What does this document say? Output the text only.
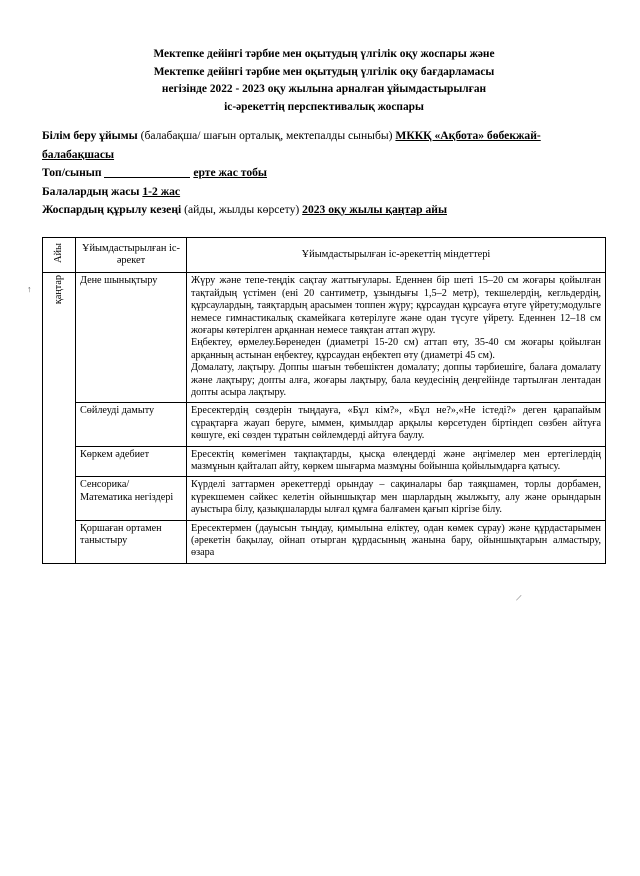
Мектепке дейінгі тәрбие мен оқытудың үлгілік оқу жоспары және
Мектепке дейінгі тәрбие мен оқытудың үлгілік оқу бағдарламасы
негізінде 2022 - 2023 оқу жылына арналған ұйымдастырылған
іс-әрекеттің перспективалық жоспары
Білім беру ұйымы (балабақша/ шағын орталық, мектепалды сыныбы) МККҚ «Ақбота» бөбекжай-балабақшасы
Топ/сынып	ерте жас тобы
Балалардың жасы 1-2 жас
Жоспардың құрылу кезеңі (айды, жылды көрсету) 2023 оқу жылы қаңтар айы
Айы	Ұйымдастырылған іс-әрекет	Ұйымдастырылған іс-әрекеттің міндеттері
қаңтар	Дене шынықтыру	Жүру және тепе-теңдік сақтау жаттығулары. Еденнен бір шеті 15–20 см жоғары қойылған тақтайдың үстімен (ені 20 сантиметр, ұзындығы 1,5–2 метр), текшелердің, кегльдердің, құрсаулардың, таяқтардың арасымен топпен жүру; құрсаудан құрсауға өтуге үйрету;модульге немесе гимнастикалық скамейкага көтерілуге және одан түсуге үйрету. Еденнен 12–18 см жоғары көтерілген арқаннан немесе таяқтан аттап жүру.

Еңбектеу, өрмелеу.Бөренеден (диаметрі 15-20 см) аттап өту, 35-40 см жоғары қойылған арқанның астынан еңбектеу, құрсаудан еңбектеп өту (диаметрі 45 см).

Домалату, лақтыру. Доппы шағын төбешіктен домалату; доппы тәрбиешіге, балаға домалату және лақтыру; допты алға, жоғары лақтыру, бала кеудесінің деңгейінде тартылған лентадан допты асыра лақтыру.

	Сөйлеуді дамыту	Ересектердің сөздерін тыңдауға, «Бұл кім?», «Бұл не?»,«Не істеді?» деген қарапайым сұрақтарға жауап беруге, ыммен, қимылдар арқылы көрсетуден біртіндеп сөзбен айтуға көшуге, екі сөзден тұратын сөйлемдерді айтуға баулу.

	Көркем әдебиет	Ересектің көмегімен тақпақтарды, қысқа өлеңдерді және әңгімелер мен ертегілердің мазмұнын қайталап айту, көркем шығарма мазмұны бойынша қойылымдарға қатысу.

	Сенсорика/ Математика негіздері	Күрделі заттармен әрекеттерді орындау – сақиналары бар таяқшамен, торлы дорбамен, күрекшемен сәйкес келетін ойыншықтар мен шарлардың жылжыту, алу және орындарын ауыстыра білу, қазықшаларды ылғал құмға балғамен қағып кіргізе білу.

	Қоршаған ортамен таныстыру	Ересектермен (дауысын тыңдау, қимылына еліктеу, одан көмек сұрау) және құрдастарымен (әрекетін бақылау, ойнап отырган құрдасының жанына бару, ойыншықтарын алмастыру, өзара

↑
/
